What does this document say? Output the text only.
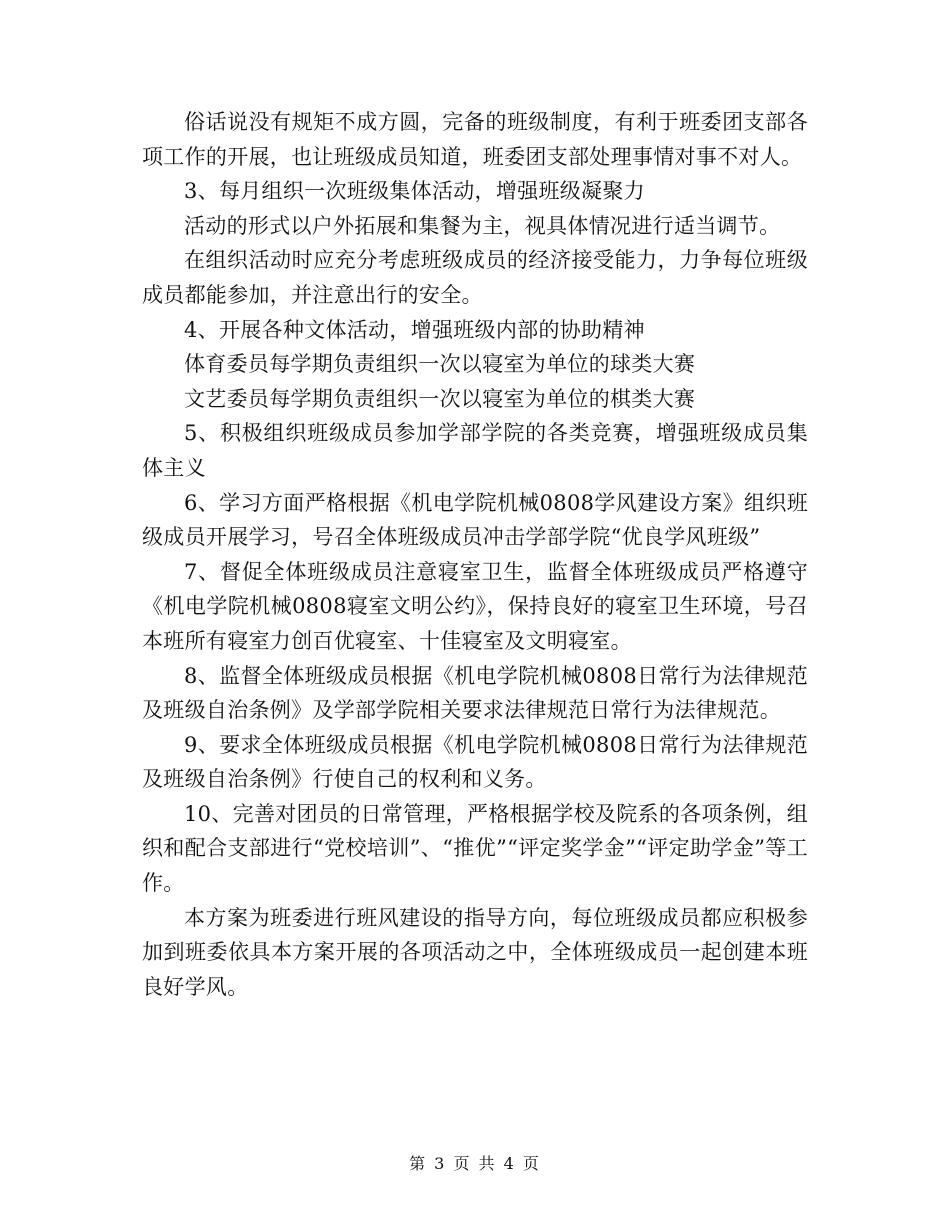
俗话说没有规矩不成方圆，完备的班级制度，有利于班委团支部各项工作的开展，也让班级成员知道，班委团支部处理事情对事不对人。

3、每月组织一次班级集体活动，增强班级凝聚力

活动的形式以户外拓展和集餐为主，视具体情况进行适当调节。

在组织活动时应充分考虑班级成员的经济接受能力，力争每位班级成员都能参加，并注意出行的安全。

4、开展各种文体活动，增强班级内部的协助精神

体育委员每学期负责组织一次以寝室为单位的球类大赛

文艺委员每学期负责组织一次以寝室为单位的棋类大赛

5、积极组织班级成员参加学部学院的各类竞赛，增强班级成员集体主义

6、学习方面严格根据《机电学院机械0808学风建设方案》组织班级成员开展学习，号召全体班级成员冲击学部学院“优良学风班级”

7、督促全体班级成员注意寝室卫生，监督全体班级成员严格遵守《机电学院机械0808寝室文明公约》，保持良好的寝室卫生环境，号召本班所有寝室力创百优寝室、十佳寝室及文明寝室。

8、监督全体班级成员根据《机电学院机械0808日常行为法律规范及班级自治条例》及学部学院相关要求法律规范日常行为法律规范。

9、要求全体班级成员根据《机电学院机械0808日常行为法律规范及班级自治条例》行使自己的权利和义务。

10、完善对团员的日常管理，严格根据学校及院系的各项条例，组织和配合支部进行“党校培训”、“推优”“评定奖学金”“评定助学金”等工作。

本方案为班委进行班风建设的指导方向，每位班级成员都应积极参加到班委依具本方案开展的各项活动之中，全体班级成员一起创建本班良好学风。

第 3 页 共 4 页
